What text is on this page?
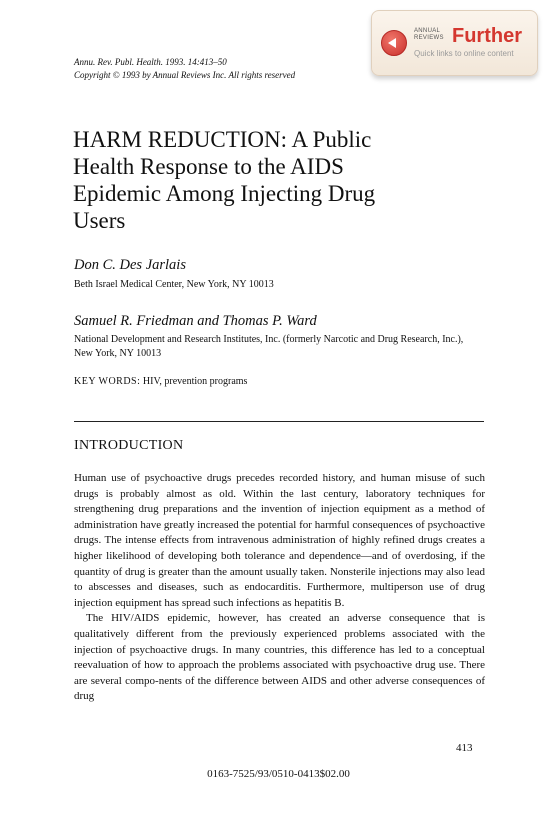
Annu. Rev. Publ. Health. 1993. 14:413–50
Copyright © 1993 by Annual Reviews Inc. All rights reserved
ANNUAL
REVIEWS Further
Quick links to online content
HARM REDUCTION: A Public Health Response to the AIDS Epidemic Among Injecting Drug Users
Don C. Des Jarlais
Beth Israel Medical Center, New York, NY 10013
Samuel R. Friedman and Thomas P. Ward
National Development and Research Institutes, Inc. (formerly Narcotic and Drug Research, Inc.), New York, NY 10013
KEY WORDS: HIV, prevention programs
INTRODUCTION

Human use of psychoactive drugs precedes recorded history, and human misuse of such drugs is probably almost as old. Within the last century, laboratory techniques for strengthening drug preparations and the invention of injection equipment as a method of administration have greatly increased the potential for harmful consequences of psychoactive drugs. The intense effects from intravenous administration of highly refined drugs creates a higher likelihood of developing both tolerance and dependence—and of overdosing, if the quantity of drug is greater than the amount usually taken. Nonsterile injections may also lead to abscesses and diseases, such as endocarditis. Furthermore, multiperson use of drug injection equipment has spread such infections as hepatitis B.

The HIV/AIDS epidemic, however, has created an adverse consequence that is qualitatively different from the previously experienced problems associated with the injection of psychoactive drugs. In many countries, this difference has led to a conceptual reevaluation of how to approach the problems associated with psychoactive drug use. There are several compo-nents of the difference between AIDS and other adverse consequences of drug

413
0163-7525/93/0510-0413$02.00
